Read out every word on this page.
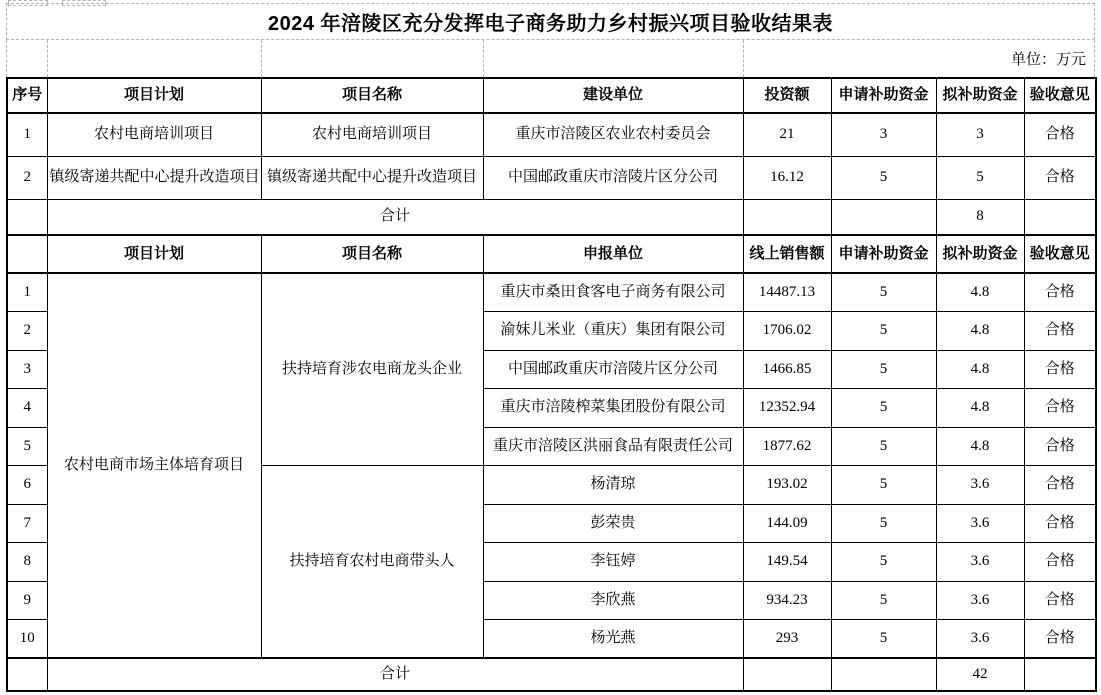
2024 年涪陵区充分发挥电子商务助力乡村振兴项目验收结果表
单位：万元
序号	项目计划	项目名称	建设单位	投资额	申请补助资金	拟补助资金	验收意见
1	农村电商培训项目	农村电商培训项目	重庆市涪陵区农业农村委员会	21	3	3	合格
2	镇级寄递共配中心提升改造项目	镇级寄递共配中心提升改造项目	中国邮政重庆市涪陵片区分公司	16.12	5	5	合格
	合计					8	
	项目计划	项目名称	申报单位	线上销售额	申请补助资金	拟补助资金	验收意见
1	农村电商市场主体培育项目	扶持培育涉农电商龙头企业	重庆市桑田食客电子商务有限公司	14487.13	5	4.8	合格
2			渝妹儿米业（重庆）集团有限公司	1706.02	5	4.8	合格
3			中国邮政重庆市涪陵片区分公司	1466.85	5	4.8	合格
4			重庆市涪陵榨菜集团股份有限公司	12352.94	5	4.8	合格
5			重庆市涪陵区洪丽食品有限责任公司	1877.62	5	4.8	合格
6		扶持培育农村电商带头人	杨清琼	193.02	5	3.6	合格
7			彭荣贵	144.09	5	3.6	合格
8			李钰婷	149.54	5	3.6	合格
9			李欣燕	934.23	5	3.6	合格
10			杨光燕	293	5	3.6	合格
	合计					42	
